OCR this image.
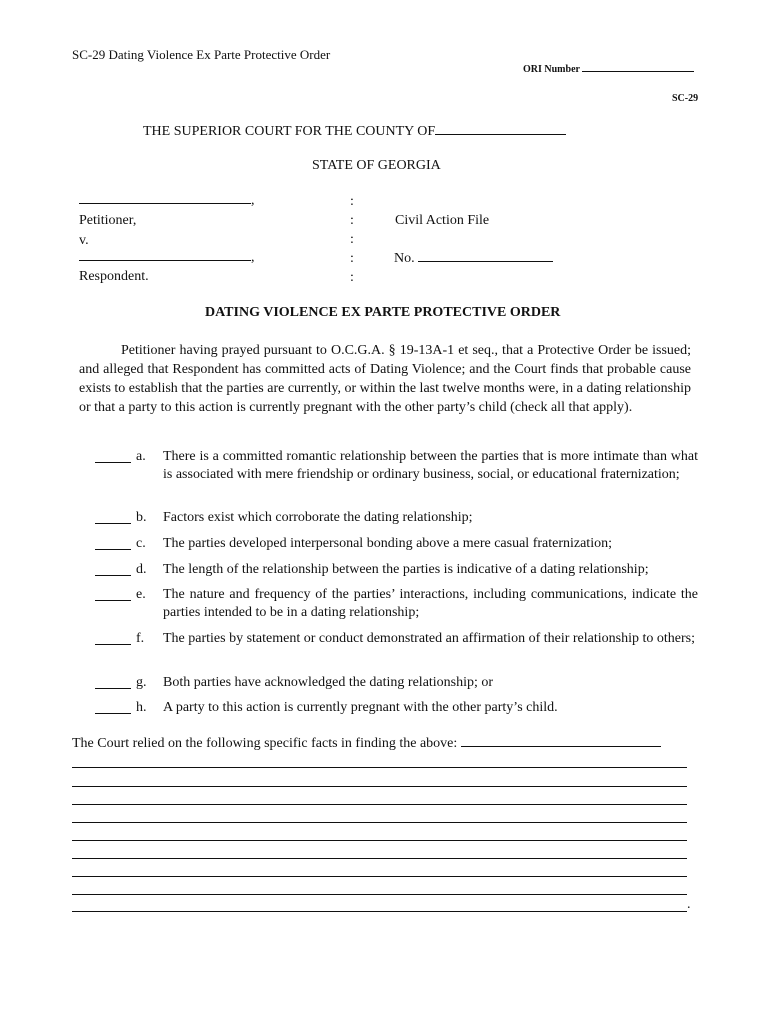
SC-29 Dating Violence Ex Parte Protective Order
ORI Number
SC-29
THE SUPERIOR COURT FOR THE COUNTY OF
STATE OF GEORGIA
,
Petitioner,
v.
,
Respondent.
:
:
:
:
:
Civil Action File
No.
DATING VIOLENCE EX PARTE PROTECTIVE ORDER
Petitioner having prayed pursuant to O.C.G.A. § 19-13A-1 et seq., that a Protective Order be issued; and alleged that Respondent has committed acts of Dating Violence; and the Court finds that probable cause exists to establish that the parties are currently, or within the last twelve months were, in a dating relationship or that a party to this action is currently pregnant with the other party’s child (check all that apply).
a. There is a committed romantic relationship between the parties that is more intimate than what is associated with mere friendship or ordinary business, social, or educational fraternization;
b. Factors exist which corroborate the dating relationship;
c. The parties developed interpersonal bonding above a mere casual fraternization;
d. The length of the relationship between the parties is indicative of a dating relationship;
e. The nature and frequency of the parties’ interactions, including communications, indicate the parties intended to be in a dating relationship;
f. The parties by statement or conduct demonstrated an affirmation of their relationship to others;
g. Both parties have acknowledged the dating relationship; or
h. A party to this action is currently pregnant with the other party’s child.
The Court relied on the following specific facts in finding the above:
.
